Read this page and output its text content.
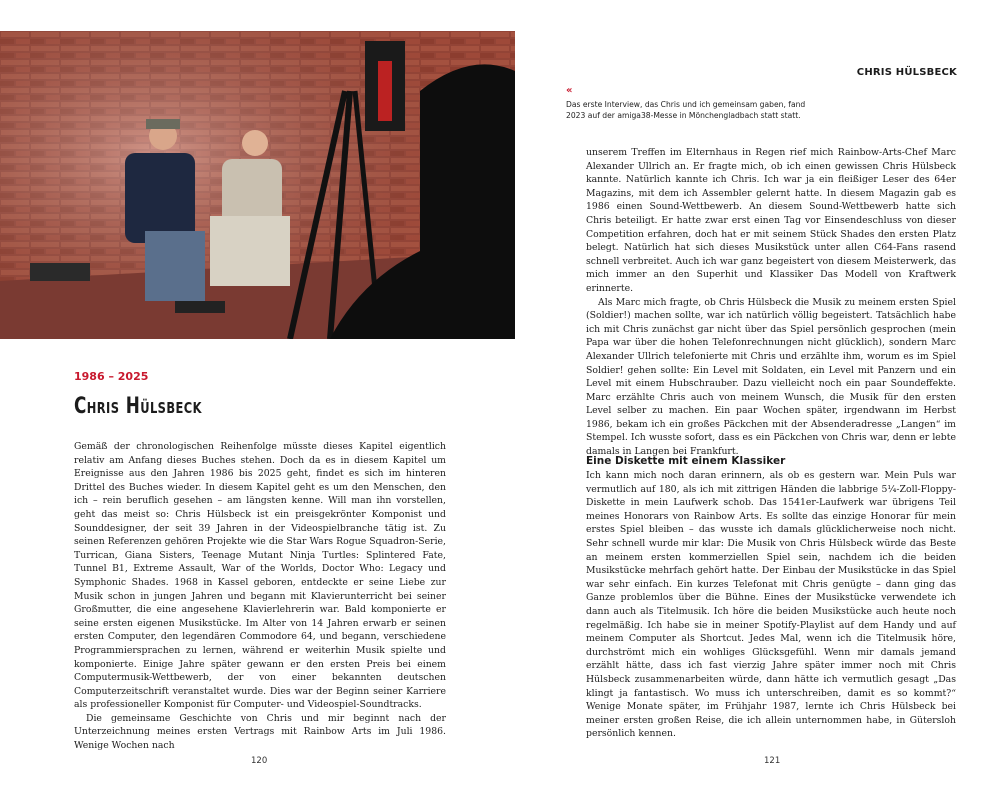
CHRIS HÜLSBECK
«
Das erste Interview, das Chris und ich gemeinsam gaben, fand 2023 auf der amiga38-Messe in Mönchengladbach statt statt.
1986 – 2025
Chris Hülsbeck

Gemäß der chronologischen Reihenfolge müsste dieses Kapitel eigentlich relativ am Anfang dieses Buches stehen. Doch da es in diesem Kapitel um Ereignisse aus den Jahren 1986 bis 2025 geht, findet es sich im hinteren Drittel des Buches wieder. In diesem Kapitel geht es um den Menschen, den ich – rein beruflich gesehen – am längsten kenne. Will man ihn vorstellen, geht das meist so: Chris Hülsbeck ist ein preisgekrönter Komponist und Sounddesigner, der seit 39 Jahren in der Videospielbranche tätig ist. Zu seinen Referenzen gehören Projekte wie die Star Wars Rogue Squadron-Serie, Turrican, Giana Sisters, Teenage Mutant Ninja Turtles: Splintered Fate, Tunnel B1, Extreme Assault, War of the Worlds, Doctor Who: Legacy und Symphonic Shades. 1968 in Kassel geboren, entdeckte er seine Liebe zur Musik schon in jungen Jahren und begann mit Klavierunterricht bei seiner Großmutter, die eine angesehene Klavierlehrerin war. Bald komponierte er seine ersten eigenen Musikstücke. Im Alter von 14 Jahren erwarb er seinen ersten Computer, den legendären Commodore 64, und begann, verschiedene Programmiersprachen zu lernen, während er weiterhin Musik spielte und komponierte. Einige Jahre später gewann er den ersten Preis bei einem Computermusik-Wettbewerb, der von einer bekannten deutschen Computerzeitschrift veranstaltet wurde. Dies war der Beginn seiner Karriere als professioneller Komponist für Computer- und Videospiel-Soundtracks.

Die gemeinsame Geschichte von Chris und mir beginnt nach der Unterzeichnung meines ersten Vertrags mit Rainbow Arts im Juli 1986. Wenige Wochen nach

unserem Treffen im Elternhaus in Regen rief mich Rainbow-Arts-Chef Marc Alexander Ullrich an. Er fragte mich, ob ich einen gewissen Chris Hülsbeck kannte. Natürlich kannte ich Chris. Ich war ja ein fleißiger Leser des 64er Magazins, mit dem ich Assembler gelernt hatte. In diesem Magazin gab es 1986 einen Sound-Wettbewerb. An diesem Sound-Wettbewerb hatte sich Chris beteiligt. Er hatte zwar erst einen Tag vor Einsendeschluss von dieser Competition erfahren, doch hat er mit seinem Stück Shades den ersten Platz belegt. Natürlich hat sich dieses Musikstück unter allen C64-Fans rasend schnell verbreitet. Auch ich war ganz begeistert von diesem Meisterwerk, das mich immer an den Superhit und Klassiker Das Modell von Kraftwerk erinnerte.

Als Marc mich fragte, ob Chris Hülsbeck die Musik zu meinem ersten Spiel (Soldier!) machen sollte, war ich natürlich völlig begeistert. Tatsächlich habe ich mit Chris zunächst gar nicht über das Spiel persönlich gesprochen (mein Papa war über die hohen Telefonrechnungen nicht glücklich), sondern Marc Alexander Ullrich telefonierte mit Chris und erzählte ihm, worum es im Spiel Soldier! gehen sollte: Ein Level mit Soldaten, ein Level mit Panzern und ein Level mit einem Hubschrauber. Dazu vielleicht noch ein paar Soundeffekte. Marc erzählte Chris auch von meinem Wunsch, die Musik für den ersten Level selber zu machen. Ein paar Wochen später, irgendwann im Herbst 1986, bekam ich ein großes Päckchen mit der Absenderadresse „Langen“ im Stempel. Ich wusste sofort, dass es ein Päckchen von Chris war, denn er lebte damals in Langen bei Frankfurt.

Eine Diskette mit einem Klassiker

Ich kann mich noch daran erinnern, als ob es gestern war. Mein Puls war vermutlich auf 180, als ich mit zittrigen Händen die labbrige 5¼-Zoll-Floppy-Diskette in mein Laufwerk schob. Das 1541er-Laufwerk war übrigens Teil meines Honorars von Rainbow Arts. Es sollte das einzige Honorar für mein erstes Spiel bleiben – das wusste ich damals glücklicherweise noch nicht. Sehr schnell wurde mir klar: Die Musik von Chris Hülsbeck würde das Beste an meinem ersten kommerziellen Spiel sein, nachdem ich die beiden Musikstücke mehrfach gehört hatte. Der Einbau der Musikstücke in das Spiel war sehr einfach. Ein kurzes Telefonat mit Chris genügte – dann ging das Ganze problemlos über die Bühne. Eines der Musikstücke verwendete ich dann auch als Titelmusik. Ich höre die beiden Musikstücke auch heute noch regelmäßig. Ich habe sie in meiner Spotify-Playlist auf dem Handy und auf meinem Computer als Shortcut. Jedes Mal, wenn ich die Titelmusik höre, durchströmt mich ein wohliges Glücksgefühl. Wenn mir damals jemand erzählt hätte, dass ich fast vierzig Jahre später immer noch mit Chris Hülsbeck zusammenarbeiten würde, dann hätte ich vermutlich gesagt „Das klingt ja fantastisch. Wo muss ich unterschreiben, damit es so kommt?“ Wenige Monate später, im Frühjahr 1987, lernte ich Chris Hülsbeck bei meiner ersten großen Reise, die ich allein unternommen habe, in Gütersloh persönlich kennen.

120	121
